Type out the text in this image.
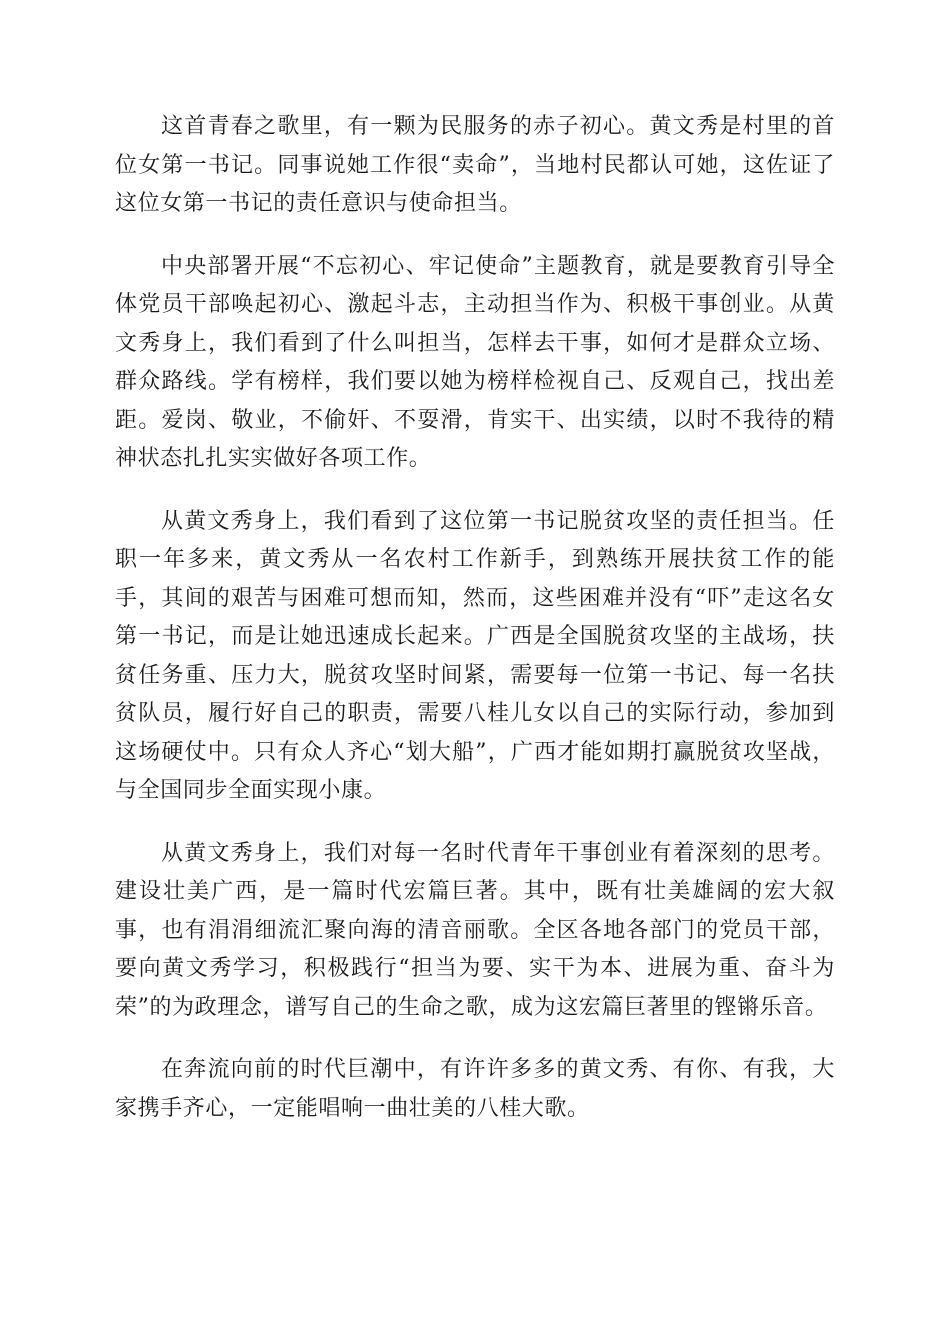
这首青春之歌里，有一颗为民服务的赤子初心。黄文秀是村里的首位女第一书记。同事说她工作很“卖命”，当地村民都认可她，这佐证了这位女第一书记的责任意识与使命担当。

中央部署开展“不忘初心、牢记使命”主题教育，就是要教育引导全体党员干部唤起初心、激起斗志，主动担当作为、积极干事创业。从黄文秀身上，我们看到了什么叫担当，怎样去干事，如何才是群众立场、群众路线。学有榜样，我们要以她为榜样检视自己、反观自己，找出差距。爱岗、敬业，不偷奸、不耍滑，肯实干、出实绩，以时不我待的精神状态扎扎实实做好各项工作。

从黄文秀身上，我们看到了这位第一书记脱贫攻坚的责任担当。任职一年多来，黄文秀从一名农村工作新手，到熟练开展扶贫工作的能手，其间的艰苦与困难可想而知，然而，这些困难并没有“吓”走这名女第一书记，而是让她迅速成长起来。广西是全国脱贫攻坚的主战场，扶贫任务重、压力大，脱贫攻坚时间紧，需要每一位第一书记、每一名扶贫队员，履行好自己的职责，需要八桂儿女以自己的实际行动，参加到这场硬仗中。只有众人齐心“划大船”，广西才能如期打赢脱贫攻坚战，与全国同步全面实现小康。

从黄文秀身上，我们对每一名时代青年干事创业有着深刻的思考。建设壮美广西，是一篇时代宏篇巨著。其中，既有壮美雄阔的宏大叙事，也有涓涓细流汇聚向海的清音丽歌。全区各地各部门的党员干部，要向黄文秀学习，积极践行“担当为要、实干为本、进展为重、奋斗为荣”的为政理念，谱写自己的生命之歌，成为这宏篇巨著里的铿锵乐音。

在奔流向前的时代巨潮中，有许许多多的黄文秀、有你、有我，大家携手齐心，一定能唱响一曲壮美的八桂大歌。
